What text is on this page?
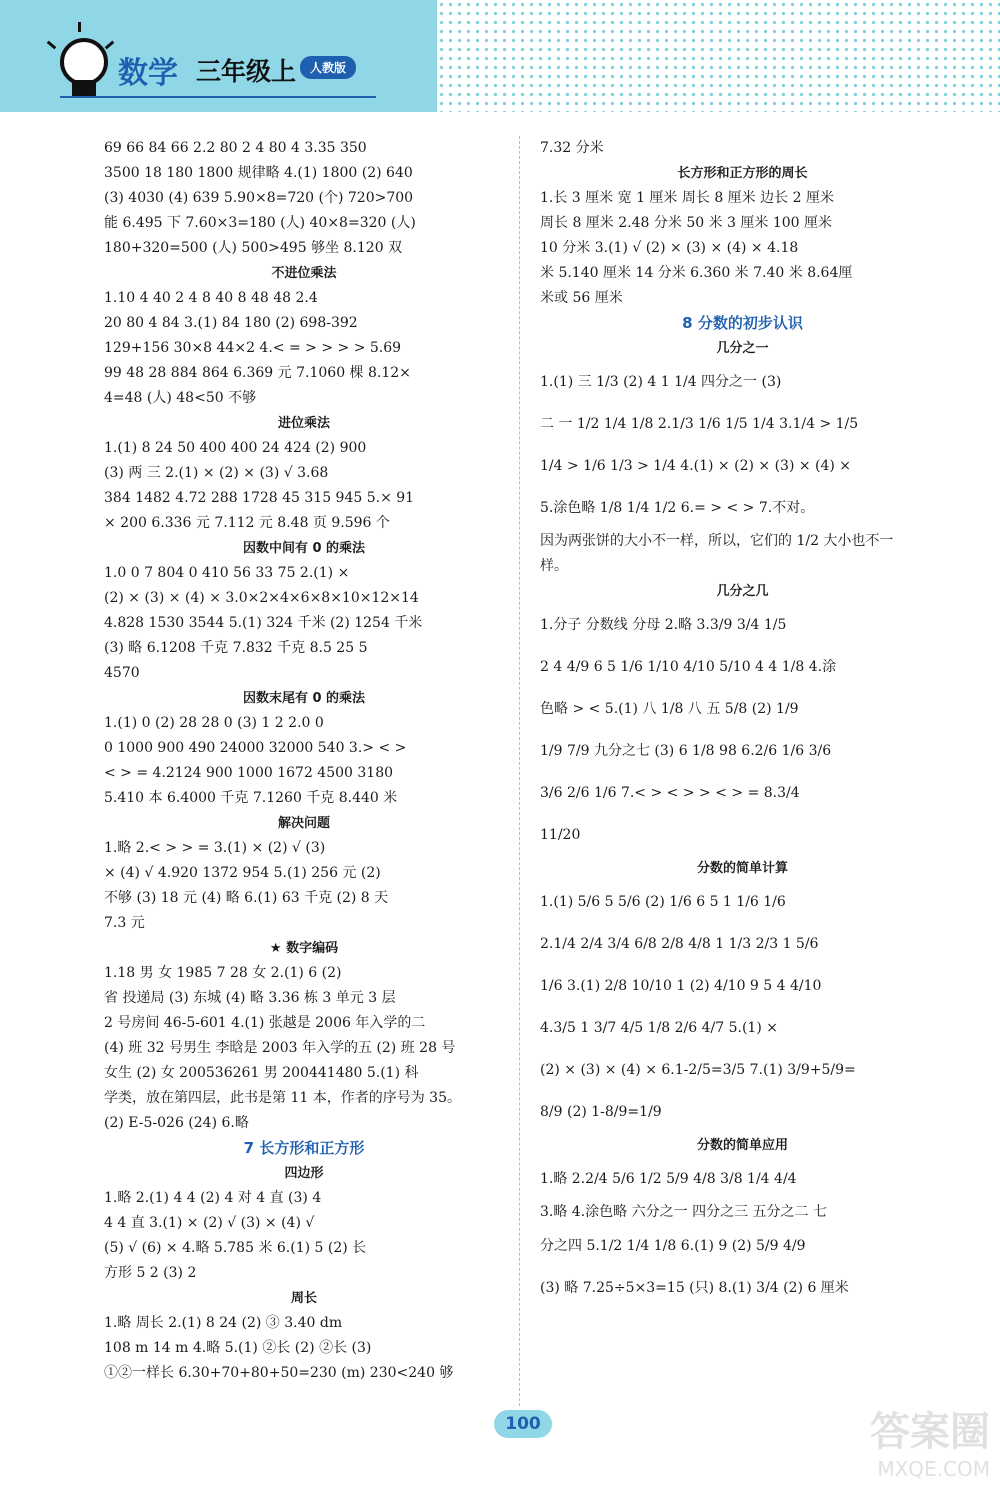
数学 三年级上	人教版
69 66 84 66 2.2 80 2 4 80 4 3.35 350
3500 18 180 1800 规律略 4.(1) 1800 (2) 640
(3) 4030 (4) 639 5.90×8=720 (个) 720>700
能 6.495 下 7.60×3=180 (人) 40×8=320 (人)
180+320=500 (人) 500>495 够坐 8.120 双
不进位乘法
1.10 4 40 2 4 8 40 8 48 48 2.4
20 80 4 84 3.(1) 84 180 (2) 698-392
129+156 30×8 44×2 4.< = > > > > 5.69
99 48 28 884 864 6.369 元 7.1060 棵 8.12×
4=48 (人) 48<50 不够
进位乘法
1.(1) 8 24 50 400 400 24 424 (2) 900
(3) 两 三 2.(1) × (2) × (3) √ 3.68
384 1482 4.72 288 1728 45 315 945 5.× 91
× 200 6.336 元 7.112 元 8.48 页 9.596 个
因数中间有 0 的乘法
1.0 0 7 804 0 410 56 33 75 2.(1) ×
(2) × (3) × (4) × 3.0×2×4×6×8×10×12×14
4.828 1530 3544 5.(1) 324 千米 (2) 1254 千米
(3) 略 6.1208 千克 7.832 千克 8.5 25 5
4570
因数末尾有 0 的乘法
1.(1) 0 (2) 28 28 0 (3) 1 2 2.0 0
0 1000 900 490 24000 32000 540 3.> < >
< > = 4.2124 900 1000 1672 4500 3180
5.410 本 6.4000 千克 7.1260 千克 8.440 米
解决问题
1.略 2.< > > = 3.(1) × (2) √ (3)
× (4) √ 4.920 1372 954 5.(1) 256 元 (2)
不够 (3) 18 元 (4) 略 6.(1) 63 千克 (2) 8 天
7.3 元
★ 数字编码
1.18 男 女 1985 7 28 女 2.(1) 6 (2)
省 投递局 (3) 东城 (4) 略 3.36 栋 3 单元 3 层
2 号房间 46-5-601 4.(1) 张越是 2006 年入学的二
(4) 班 32 号男生 李晗是 2003 年入学的五 (2) 班 28 号
女生 (2) 女 200536261 男 200441480 5.(1) 科
学类，放在第四层，此书是第 11 本，作者的序号为 35。
(2) E-5-026 (24) 6.略
7 长方形和正方形
四边形
1.略 2.(1) 4 4 (2) 4 对 4 直 (3) 4
4 4 直 3.(1) × (2) √ (3) × (4) √
(5) √ (6) × 4.略 5.785 米 6.(1) 5 (2) 长
方形 5 2 (3) 2
周长
1.略 周长 2.(1) 8 24 (2) ③ 3.40 dm
108 m 14 m 4.略 5.(1) ②长 (2) ②长 (3)
①②一样长 6.30+70+80+50=230 (m) 230<240 够
7.32 分米
长方形和正方形的周长
1.长 3 厘米 宽 1 厘米 周长 8 厘米 边长 2 厘米
周长 8 厘米 2.48 分米 50 米 3 厘米 100 厘米
10 分米 3.(1) √ (2) × (3) × (4) × 4.18
米 5.140 厘米 14 分米 6.360 米 7.40 米 8.64厘
米或 56 厘米
8 分数的初步认识
几分之一
1.(1) 三 1/3 (2) 4 1 1/4 四分之一 (3)
二 一 1/2 1/4 1/8 2.1/3 1/6 1/5 1/4 3.1/4 > 1/5
1/4 > 1/6 1/3 > 1/4 4.(1) × (2) × (3) × (4) ×
5.涂色略 1/8 1/4 1/2 6.= > < > 7.不对。
因为两张饼的大小不一样，所以，它们的 1/2 大小也不一
样。
几分之几
1.分子 分数线 分母 2.略 3.3/9 3/4 1/5
2 4 4/9 6 5 1/6 1/10 4/10 5/10 4 4 1/8 4.涂
色略 > < 5.(1) 八 1/8 八 五 5/8 (2) 1/9
1/9 7/9 九分之七 (3) 6 1/8 98 6.2/6 1/6 3/6
3/6 2/6 1/6 7.< > < > > < > = 8.3/4
11/20
分数的简单计算
1.(1) 5/6 5 5/6 (2) 1/6 6 5 1 1/6 1/6
2.1/4 2/4 3/4 6/8 2/8 4/8 1 1/3 2/3 1 5/6
1/6 3.(1) 2/8 10/10 1 (2) 4/10 9 5 4 4/10
4.3/5 1 3/7 4/5 1/8 2/6 4/7 5.(1) ×
(2) × (3) × (4) × 6.1-2/5=3/5 7.(1) 3/9+5/9=
8/9 (2) 1-8/9=1/9
分数的简单应用
1.略 2.2/4 5/6 1/2 5/9 4/8 3/8 1/4 4/4
3.略 4.涂色略 六分之一 四分之三 五分之二 七
分之四 5.1/2 1/4 1/8 6.(1) 9 (2) 5/9 4/9
(3) 略 7.25÷5×3=15 (只) 8.(1) 3/4 (2) 6 厘米
100	答案圈
MXQE.COM
